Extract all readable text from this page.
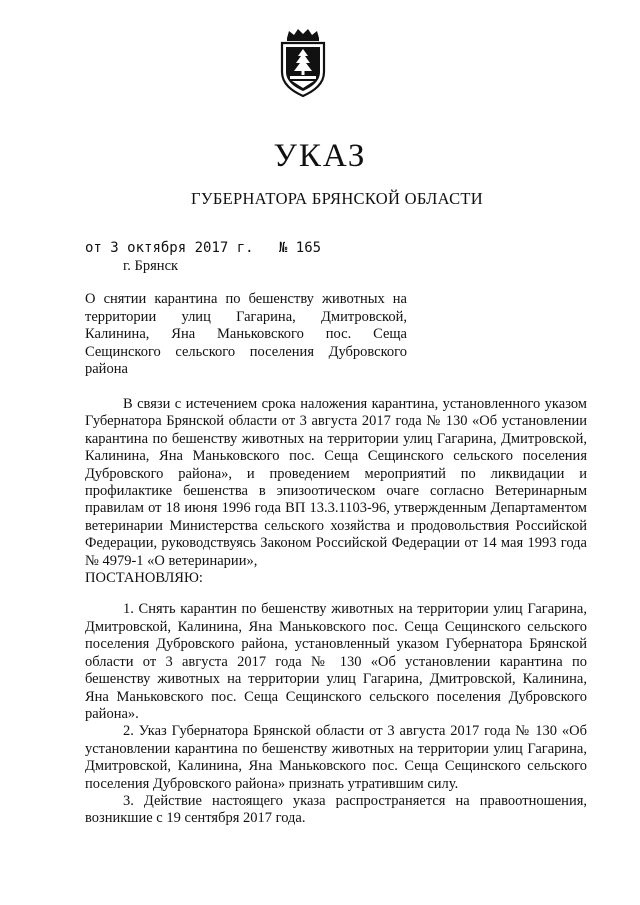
УКАЗ
ГУБЕРНАТОРА БРЯНСКОЙ ОБЛАСТИ
от 3 октября 2017 г. № 165
г. Брянск

О снятии карантина по бешенству животных на территории улиц Гагарина, Дмитровской, Калинина, Яна Маньковского пос. Сеща Сещинского сельского поселения Дубровского района

В связи с истечением срока наложения карантина, установленного указом Губернатора Брянской области от 3 августа 2017 года № 130 «Об установлении карантина по бешенству животных на территории улиц Гагарина, Дмитровской, Калинина, Яна Маньковского пос. Сеща Сещинского сельского поселения Дубровского района», и проведением мероприятий по ликвидации и профилактике бешенства в эпизоотическом очаге согласно Ветеринарным правилам от 18 июня 1996 года ВП 13.3.1103-96, утвержденным Департаментом ветеринарии Министерства сельского хозяйства и продовольствия Российской Федерации, руководствуясь Законом Российской Федерации от 14 мая 1993 года № 4979-1 «О ветеринарии»,

ПОСТАНОВЛЯЮ:

1. Снять карантин по бешенству животных на территории улиц Гагарина, Дмитровской, Калинина, Яна Маньковского пос. Сеща Сещинского сельского поселения Дубровского района, установленный указом Губернатора Брянской области от 3 августа 2017 года № 130 «Об установлении карантина по бешенству животных на территории улиц Гагарина, Дмитровской, Калинина, Яна Маньковского пос. Сеща Сещинского сельского поселения Дубровского района».

2. Указ Губернатора Брянской области от 3 августа 2017 года № 130 «Об установлении карантина по бешенству животных на территории улиц Гагарина, Дмитровской, Калинина, Яна Маньковского пос. Сеща Сещинского сельского поселения Дубровского района» признать утратившим силу.

3. Действие настоящего указа распространяется на правоотношения, возникшие с 19 сентября 2017 года.
